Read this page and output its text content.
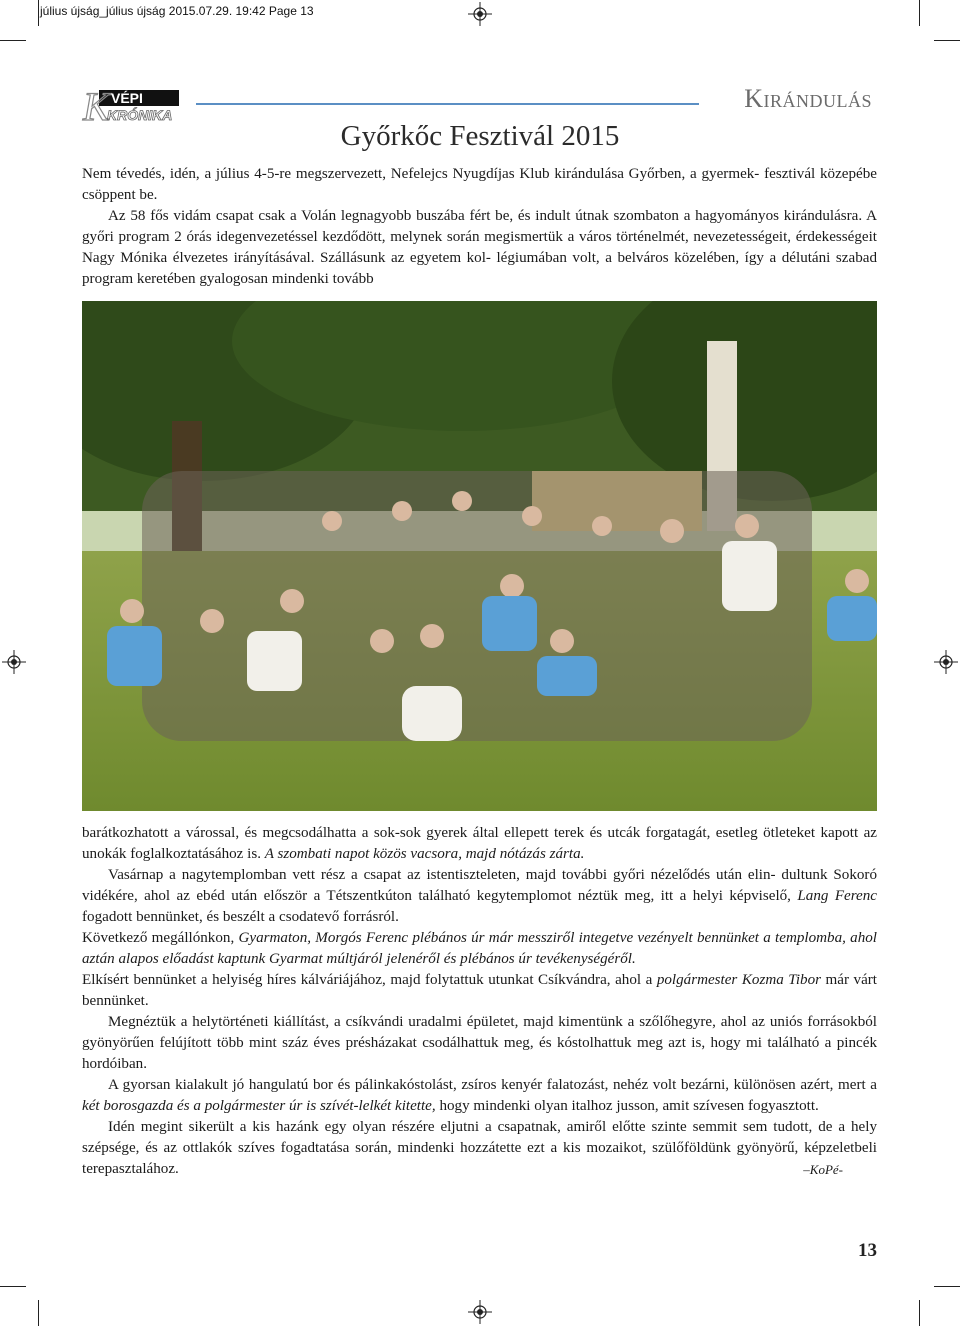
július újság_július újság 2015.07.29. 19:42 Page 13
K VÉPI
KRÓNIKA
Kirándulás
Győrkőc Fesztivál 2015

Nem tévedés, idén, a július 4-5-re megszervezett, Nefelejcs Nyugdíjas Klub kirándulása Győrben, a gyermek- fesztivál közepébe csöppent be.

Az 58 fős vidám csapat csak a Volán legnagyobb buszába fért be, és indult útnak szombaton a hagyományos kirándulásra. A győri program 2 órás idegenvezetéssel kezdődött, melynek során megismertük a város történelmét, nevezetességeit, érdekességeit Nagy Mónika élvezetes irányításával. Szállásunk az egyetem kol- légiumában volt, a belváros közelében, így a délutáni szabad program keretében gyalogosan mindenki tovább

barátkozhatott a várossal, és megcsodálhatta a sok-sok gyerek által ellepett terek és utcák forgatagát, esetleg ötleteket kapott az unokák foglalkoztatásához is. A szombati napot közös vacsora, majd nótázás zárta.

Vasárnap a nagytemplomban vett rész a csapat az istentiszteleten, majd további győri nézelődés után elin- dultunk Sokoró vidékére, ahol az ebéd után először a Tétszentkúton található kegytemplomot néztük meg, itt a helyi képviselő, Lang Ferenc fogadott bennünket, és beszélt a csodatevő forrásról.

Következő megállónkon, Gyarmaton, Morgós Ferenc plébános úr már messziről integetve vezényelt bennünket a templomba, ahol aztán alapos előadást kaptunk Gyarmat múltjáról jelenéről és plébános úr tevékenységéről.

Elkísért bennünket a helyiség híres kálváriájához, majd folytattuk utunkat Csíkvándra, ahol a polgármester Kozma Tibor már várt bennünket.

Megnéztük a helytörténeti kiállítást, a csíkvándi uradalmi épületet, majd kimentünk a szőlőhegyre, ahol az uniós forrásokból gyönyörűen felújított több mint száz éves présházakat csodálhattuk meg, és kóstolhattuk meg azt is, hogy mi található a pincék hordóiban.

A gyorsan kialakult jó hangulatú bor és pálinkakóstolást, zsíros kenyér falatozást, nehéz volt bezárni, különösen azért, mert a két borosgazda és a polgármester úr is szívét-lelkét kitette, hogy mindenki olyan italhoz jusson, amit szívesen fogyasztott.

Idén megint sikerült a kis hazánk egy olyan részére eljutni a csapatnak, amiről előtte szinte semmit sem tudott, de a hely szépsége, és az ottlakók szíves fogadtatása során, mindenki hozzátette ezt a kis mozaikot, szülőföldünk gyönyörű, képzeletbeli terepasztalához.	–KoPé-

13
